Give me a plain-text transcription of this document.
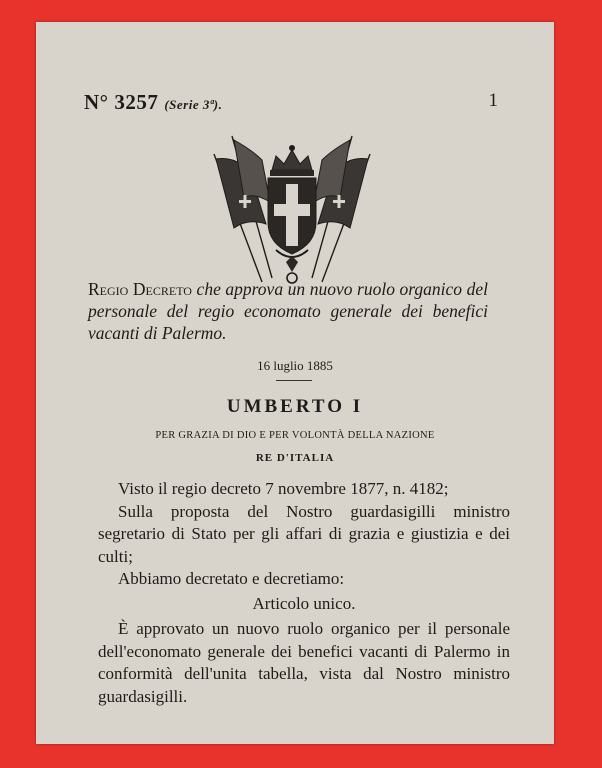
N° 3257 (Serie 3ª).	1
Regio Decreto che approva un nuovo ruolo organico del personale del regio economato generale dei benefici vacanti di Palermo.
16 luglio 1885
UMBERTO I
PER GRAZIA DI DIO E PER VOLONTÀ DELLA NAZIONE
RE D'ITALIA

Visto il regio decreto 7 novembre 1877, n. 4182;

Sulla proposta del Nostro guardasigilli ministro segretario di Stato per gli affari di grazia e giustizia e dei culti;

Abbiamo decretato e decretiamo:

Articolo unico.

È approvato un nuovo ruolo organico per il personale dell'economato generale dei benefici vacanti di Palermo in conformità dell'unita tabella, vista dal Nostro ministro guardasigilli.
